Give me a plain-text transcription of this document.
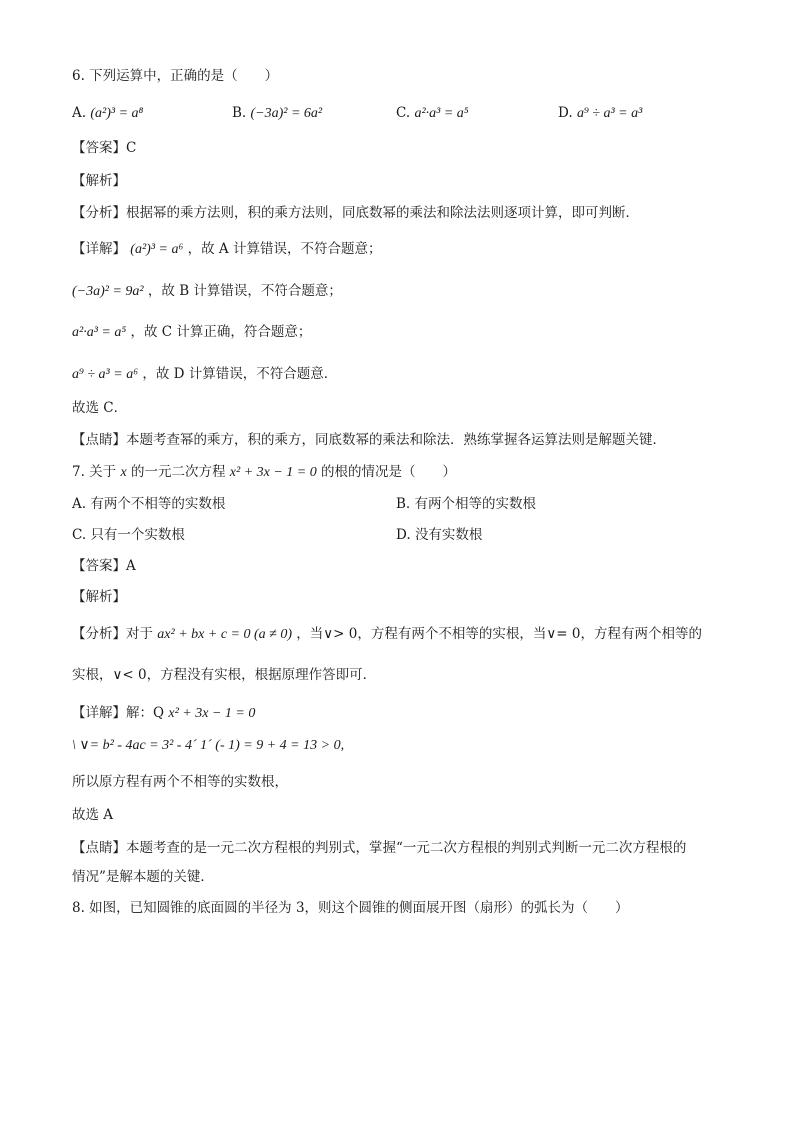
6. 下列运算中，正确的是（　　）
A. (a²)³ = a⁸	B. (−3a)² = 6a²	C. a²·a³ = a⁵	D. a⁹ ÷ a³ = a³
【答案】C
【解析】
【分析】根据幂的乘方法则，积的乘方法则，同底数幂的乘法和除法法则逐项计算，即可判断．
【详解】 (a²)³ = a⁶ ，故 A 计算错误，不符合题意；
(−3a)² = 9a² ，故 B 计算错误，不符合题意；
a²·a³ = a⁵ ，故 C 计算正确，符合题意；
a⁹ ÷ a³ = a⁶ ，故 D 计算错误，不符合题意．
故选 C．
【点睛】本题考查幂的乘方，积的乘方，同底数幂的乘法和除法．熟练掌握各运算法则是解题关键．
7. 关于 x 的一元二次方程 x² + 3x − 1 = 0 的根的情况是（　　）
A. 有两个不相等的实数根	B. 有两个相等的实数根
C. 只有一个实数根	D. 没有实数根
【答案】A
【解析】
【分析】对于 ax² + bx + c = 0 (a ≠ 0) ，当∨> 0，方程有两个不相等的实根，当∨= 0，方程有两个相等的
实根，∨< 0，方程没有实根，根据原理作答即可．
【详解】解：Q x² + 3x − 1 = 0
\ ∨= b² - 4ac = 3² - 4´ 1´ (- 1) = 9 + 4 = 13 > 0,
所以原方程有两个不相等的实数根，
故选 A
【点睛】本题考查的是一元二次方程根的判别式，掌握“一元二次方程根的判别式判断一元二次方程根的
情况”是解本题的关键．
8. 如图，已知圆锥的底面圆的半径为 3，则这个圆锥的侧面展开图（扇形）的弧长为（　　）
